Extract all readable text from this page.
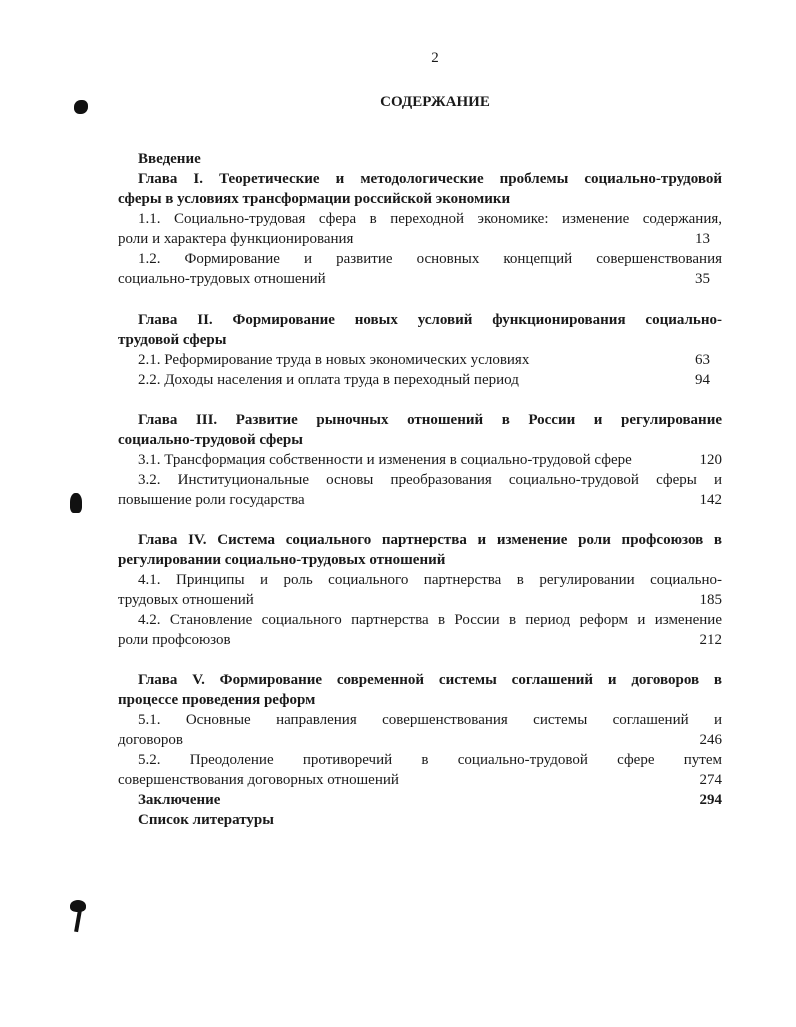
2
СОДЕРЖАНИЕ
Введение
Глава I. Теоретические и методологические проблемы социально-трудовой
сферы в условиях трансформации российской экономики
1.1. Социально-трудовая сфера в переходной экономике: изменение содержания,
роли и характера функционирования	13
1.2. Формирование и развитие основных концепций совершенствования
социально-трудовых отношений	35
Глава II. Формирование новых условий функционирования социально-
трудовой сферы
2.1. Реформирование труда в новых экономических условиях	63
2.2. Доходы населения и оплата труда в переходный период	94
Глава III. Развитие рыночных отношений в России и регулирование
социально-трудовой сферы
3.1. Трансформация собственности и изменения в социально-трудовой сфере	120
3.2. Институциональные основы преобразования социально-трудовой сферы и
повышение роли государства	142
Глава IV. Система социального партнерства и изменение роли профсоюзов в
регулировании социально-трудовых отношений
4.1. Принципы и роль социального партнерства в регулировании социально-
трудовых отношений	185
4.2. Становление социального партнерства в России в период реформ и изменение
роли профсоюзов	212
Глава V. Формирование современной системы соглашений и договоров в
процессе проведения реформ
5.1. Основные направления совершенствования системы соглашений и
договоров	246
5.2. Преодоление противоречий в социально-трудовой сфере путем
совершенствования договорных отношений	274
Заключение	294
Список литературы
